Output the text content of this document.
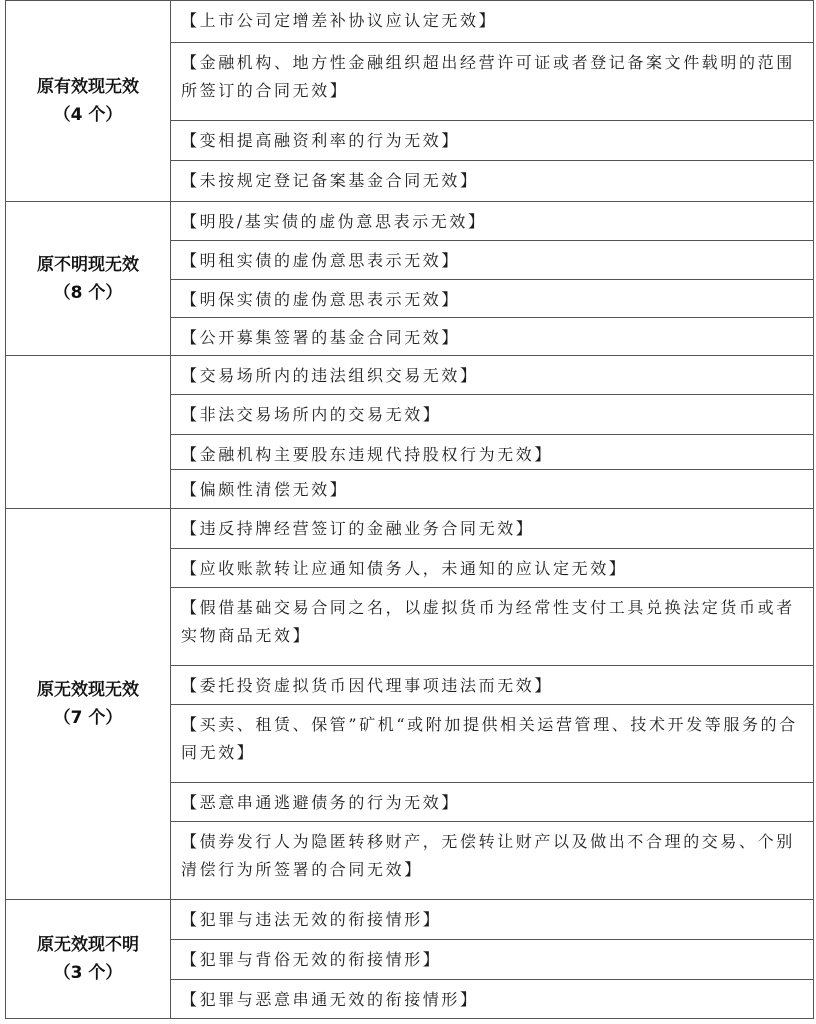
原有效现无效
（4 个）
【上市公司定增差补协议应认定无效】
【金融机构、地方性金融组织超出经营许可证或者登记备案文件载明的范围所签订的合同无效】
【变相提高融资利率的行为无效】
【未按规定登记备案基金合同无效】
原不明现无效
（8 个）
【明股/基实债的虚伪意思表示无效】
【明租实债的虚伪意思表示无效】
【明保实债的虚伪意思表示无效】
【公开募集签署的基金合同无效】
【交易场所内的违法组织交易无效】
【非法交易场所内的交易无效】
【金融机构主要股东违规代持股权行为无效】
【偏颇性清偿无效】
原无效现无效
（7 个）
【违反持牌经营签订的金融业务合同无效】
【应收账款转让应通知债务人，未通知的应认定无效】
【假借基础交易合同之名，以虚拟货币为经常性支付工具兑换法定货币或者实物商品无效】
【委托投资虚拟货币因代理事项违法而无效】
【买卖、租赁、保管”矿机“或附加提供相关运营管理、技术开发等服务的合同无效】
【恶意串通逃避债务的行为无效】
【债券发行人为隐匿转移财产，无偿转让财产以及做出不合理的交易、个别清偿行为所签署的合同无效】
原无效现不明
（3 个）
【犯罪与违法无效的衔接情形】
【犯罪与背俗无效的衔接情形】
【犯罪与恶意串通无效的衔接情形】
